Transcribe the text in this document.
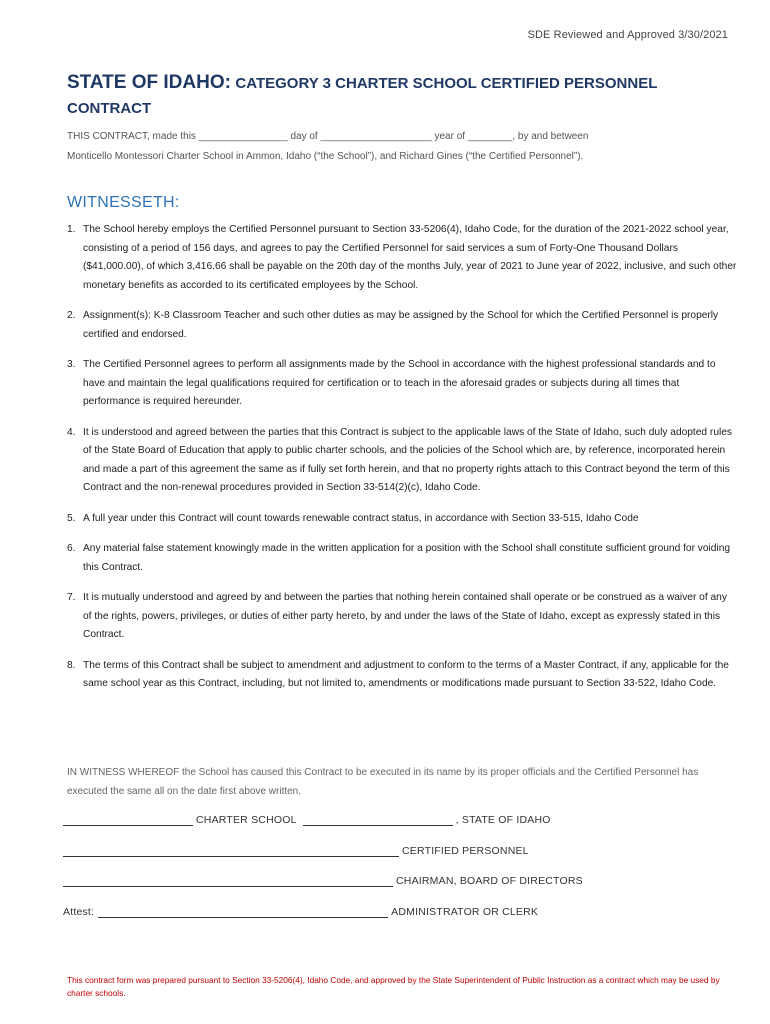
SDE Reviewed and Approved 3/30/2021
STATE OF IDAHO: CATEGORY 3 CHARTER SCHOOL CERTIFIED PERSONNEL
CONTRACT
THIS CONTRACT, made this ________________ day of ____________________ year of ________, by and between
Monticello Montessori Charter School in Ammon, Idaho (“the School”), and Richard Gines (“the Certified Personnel”).
WITNESSETH:
1. The School hereby employs the Certified Personnel pursuant to Section 33-5206(4), Idaho Code, for the duration of the 2021-2022 school year, consisting of a period of 156 days, and agrees to pay the Certified Personnel for said services a sum of Forty-One Thousand Dollars ($41,000.00), of which 3,416.66 shall be payable on the 20th day of the months July, year of 2021 to June year of 2022, inclusive, and such other monetary benefits as accorded to its certificated employees by the School.
2. Assignment(s): K-8 Classroom Teacher and such other duties as may be assigned by the School for which the Certified Personnel is properly certified and endorsed.
3. The Certified Personnel agrees to perform all assignments made by the School in accordance with the highest professional standards and to have and maintain the legal qualifications required for certification or to teach in the aforesaid grades or subjects during all times that performance is required hereunder.
4. It is understood and agreed between the parties that this Contract is subject to the applicable laws of the State of Idaho, such duly adopted rules of the State Board of Education that apply to public charter schools, and the policies of the School which are, by reference, incorporated herein and made a part of this agreement the same as if fully set forth herein, and that no property rights attach to this Contract beyond the term of this Contract and the non-renewal procedures provided in Section 33-514(2)(c), Idaho Code.
5. A full year under this Contract will count towards renewable contract status, in accordance with Section 33-515, Idaho Code
6. Any material false statement knowingly made in the written application for a position with the School shall constitute sufficient ground for voiding this Contract.
7. It is mutually understood and agreed by and between the parties that nothing herein contained shall operate or be construed as a waiver of any of the rights, powers, privileges, or duties of either party hereto, by and under the laws of the State of Idaho, except as expressly stated in this Contract.
8. The terms of this Contract shall be subject to amendment and adjustment to conform to the terms of a Master Contract, if any, applicable for the same school year as this Contract, including, but not limited to, amendments or modifications made pursuant to Section 33-522, Idaho Code.
IN WITNESS WHEREOF the School has caused this Contract to be executed in its name by its proper officials and the Certified Personnel has executed the same all on the date first above written.
CHARTER SCHOOL	, STATE OF IDAHO
CERTIFIED PERSONNEL
CHAIRMAN, BOARD OF DIRECTORS
Attest:	ADMINISTRATOR OR CLERK
This contract form was prepared pursuant to Section 33-5206(4), Idaho Code, and approved by the State Superintendent of Public Instruction as a contract which may be used by charter schools.
